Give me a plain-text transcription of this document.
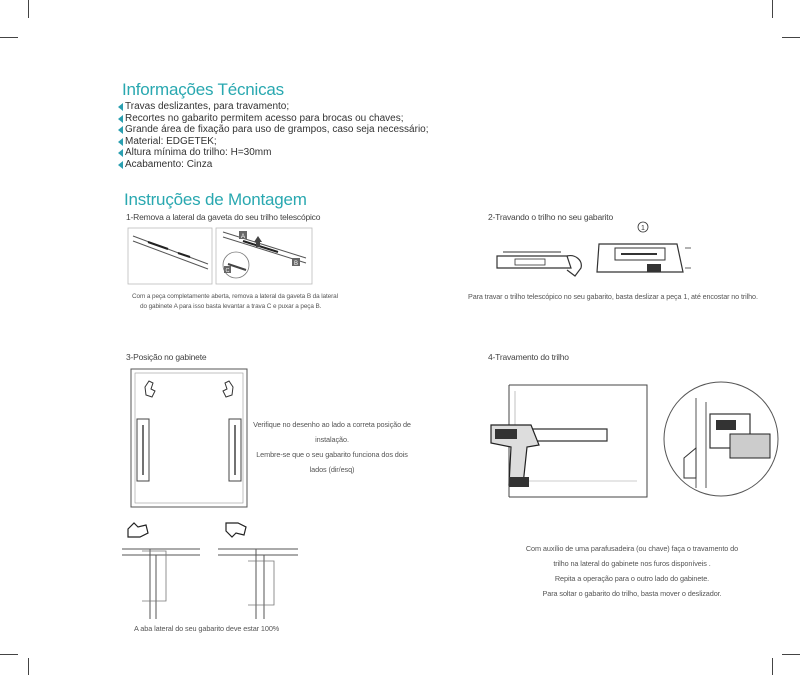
Informações Técnicas
Travas deslizantes, para travamento;
Recortes no gabarito permitem acesso para brocas ou chaves;
Grande área de fixação para uso de grampos, caso seja necessário;
Material: EDGETEK;
Altura mínima do trilho: H=30mm
Acabamento: Cinza
Instruções de Montagem
1-Remova a lateral da gaveta do seu trilho telescópico
A
B
C
Com a peça completamente aberta, remova a lateral da gaveta B da lateral
do gabinete A para isso basta levantar a trava C e puxar a peça B.
2-Travando o trilho no seu gabarito
1
Para travar o trilho telescópico no seu gabarito, basta deslizar a peça 1, até encostar no trilho.
3-Posição no gabinete
Verifique no desenho ao lado a correta posição de
instalação.
Lembre-se que o seu gabarito funciona dos dois
lados (dir/esq)
A aba lateral do seu gabarito deve estar 100%
4-Travamento do trilho
Com auxílio de uma parafusadeira (ou chave) faça o travamento do
trilho na lateral do gabinete nos furos disponíveis .
Repita a operação para o outro lado do gabinete.
Para soltar o gabarito do trilho, basta mover o deslizador.
